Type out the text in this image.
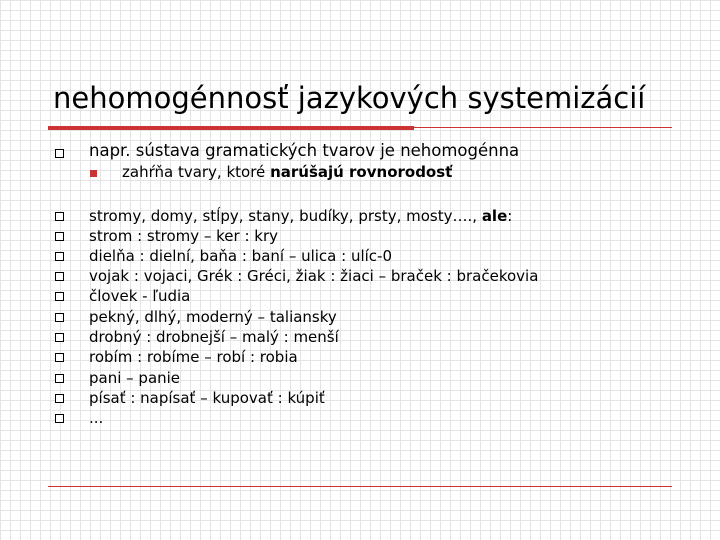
nehomogénnosť jazykových systemizácií
napr. sústava gramatických tvarov je nehomogénna
zahŕňa tvary, ktoré narúšajú rovnorodosť
stromy, domy, stĺpy, stany, budíky, prsty, mosty…., ale:
strom : stromy – ker : kry
dielňa : dielní, baňa : baní – ulica : ulíc-0
vojak : vojaci, Grék : Gréci, žiak : žiaci – braček : bračekovia
človek - ľudia
pekný, dlhý, moderný – taliansky
drobný : drobnejší – malý : menší
robím : robíme – robí : robia
pani – panie
písať : napísať – kupovať : kúpiť
...
